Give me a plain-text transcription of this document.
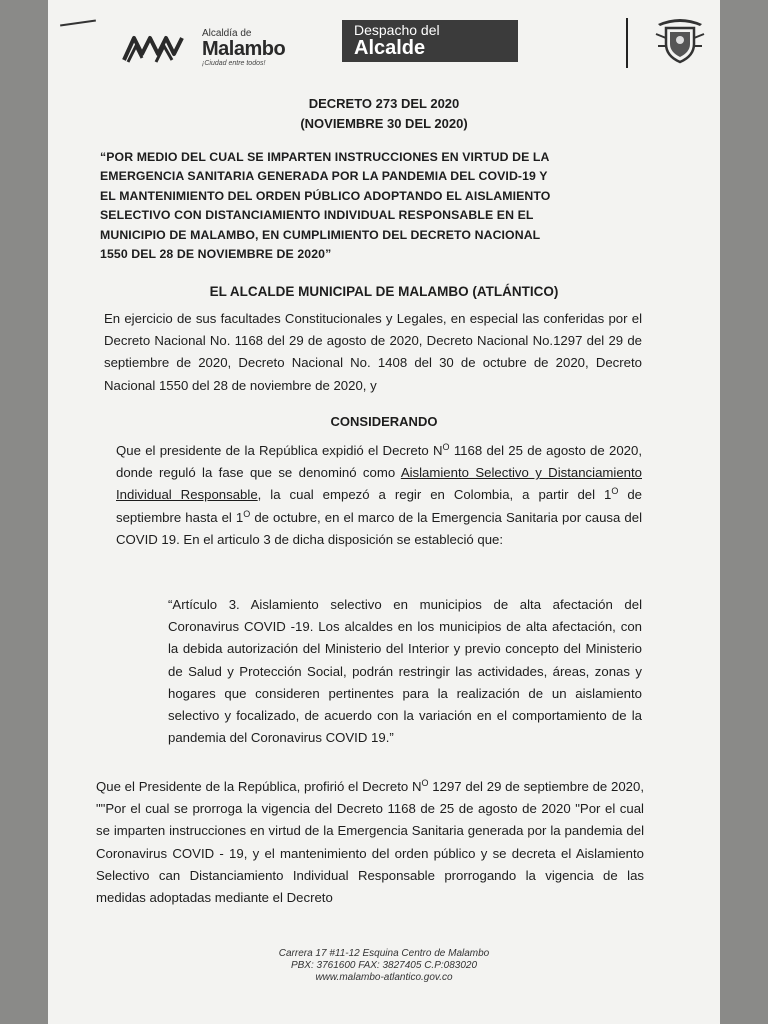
Alcaldía de
Malambo
¡Ciudad entre todos!
Despacho del
Alcalde
DECRETO 273 DEL 2020
(NOVIEMBRE 30 DEL 2020)
“POR MEDIO DEL CUAL SE IMPARTEN INSTRUCCIONES EN VIRTUD DE LA
EMERGENCIA SANITARIA GENERADA POR LA PANDEMIA DEL COVID-19 Y
EL MANTENIMIENTO DEL ORDEN PÚBLICO ADOPTANDO EL AISLAMIENTO
SELECTIVO CON DISTANCIAMIENTO INDIVIDUAL RESPONSABLE EN EL
MUNICIPIO DE MALAMBO, EN CUMPLIMIENTO DEL DECRETO NACIONAL
1550 DEL 28 DE NOVIEMBRE DE 2020”
EL ALCALDE MUNICIPAL DE MALAMBO (ATLÁNTICO)
En ejercicio de sus facultades Constitucionales y Legales, en especial las conferidas por el Decreto Nacional No. 1168 del 29 de agosto de 2020, Decreto Nacional No.1297 del 29 de septiembre de 2020, Decreto Nacional No. 1408 del 30 de octubre de 2020, Decreto Nacional 1550 del 28 de noviembre de 2020, y
CONSIDERANDO
Que el presidente de la República expidió el Decreto $N^O$ 1168 del 25 de agosto de 2020, donde reguló la fase que se denominó como Aislamiento Selectivo y Distanciamiento Individual Responsable, la cual empezó a regir en Colombia, a partir del $1^O$ de septiembre hasta el $1^O$ de octubre, en el marco de la Emergencia Sanitaria por causa del COVID 19. En el articulo 3 de dicha disposición se estableció que:
“Artículo 3. Aislamiento selectivo en municipios de alta afectación del Coronavirus COVID -19. Los alcaldes en los municipios de alta afectación, con la debida autorización del Ministerio del Interior y previo concepto del Ministerio de Salud y Protección Social, podrán restringir las actividades, áreas, zonas y hogares que consideren pertinentes para la realización de un aislamiento selectivo y focalizado, de acuerdo con la variación en el comportamiento de la pandemia del Coronavirus COVID 19.”
Que el Presidente de la República, profirió el Decreto $N^O$ 1297 del 29 de septiembre de 2020, ""Por el cual se prorroga la vigencia del Decreto 1168 de 25 de agosto de 2020 "Por el cual se imparten instrucciones en virtud de la Emergencia Sanitaria generada por la pandemia del Coronavirus COVID - 19, y el mantenimiento del orden público y se decreta el Aislamiento Selectivo can Distanciamiento Individual Responsable prorrogando la vigencia de las medidas adoptadas mediante el Decreto
Carrera 17 #11-12 Esquina Centro de Malambo
PBX: 3761600 FAX: 3827405 C.P:083020
www.malambo-atlantico.gov.co
